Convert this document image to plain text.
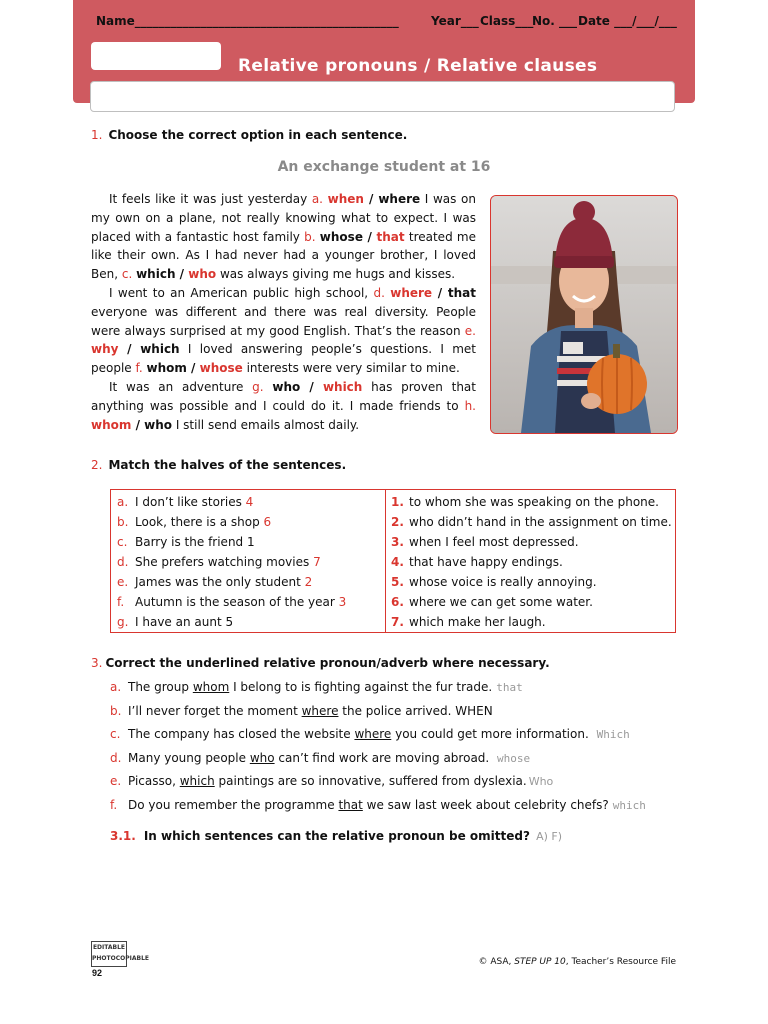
Name____________________________________________	Year___ Class___
No. ___ Date ___/___/___
Relative pronouns / Relative clauses
1. Choose the correct option in each sentence.
An exchange student at 16

It feels like it was just yesterday a. when / where I was on my own on a plane, not really knowing what to expect. I was placed with a fantastic host family b. whose / that treated me like their own. As I had never had a younger brother, I loved Ben, c. which / who was always giving me hugs and kisses.

I went to an American public high school, d. where / that everyone was different and there was real diversity. People were always surprised at my good English. That’s the reason e. why / which I loved answering people’s questions. I met people f. whom / whose interests were very similar to mine.

It was an adventure g. who / which has proven that anything was possible and I could do it. I made friends to h. whom / who I still send emails almost daily.

2. Match the halves of the sentences.
a. I don’t like stories 4
b. Look, there is a shop 6
c. Barry is the friend 1
d. She prefers watching movies 7
e. James was the only student 2
f. Autumn is the season of the year 3
g. I have an aunt 5
1. to whom she was speaking on the phone.
2. who didn’t hand in the assignment on time.
3. when I feel most depressed.
4. that have happy endings.
5. whose voice is really annoying.
6. where we can get some water.
7. which make her laugh.
3. Correct the underlined relative pronoun/adverb where necessary.
a. The group whom I belong to is fighting against the fur trade. that
b. I’ll never forget the moment where the police arrived. WHEN
c. The company has closed the website where you could get more information. Which
d. Many young people who can’t find work are moving abroad. whose
e. Picasso, which paintings are so innovative, suffered from dyslexia. Who
f. Do you remember the programme that we saw last week about celebrity chefs? which
3.1. In which sentences can the relative pronoun be omitted? A) F)
EDITABLE
PHOTOCOPIABLE
92
© ASA, STEP UP 10, Teacher’s Resource File
